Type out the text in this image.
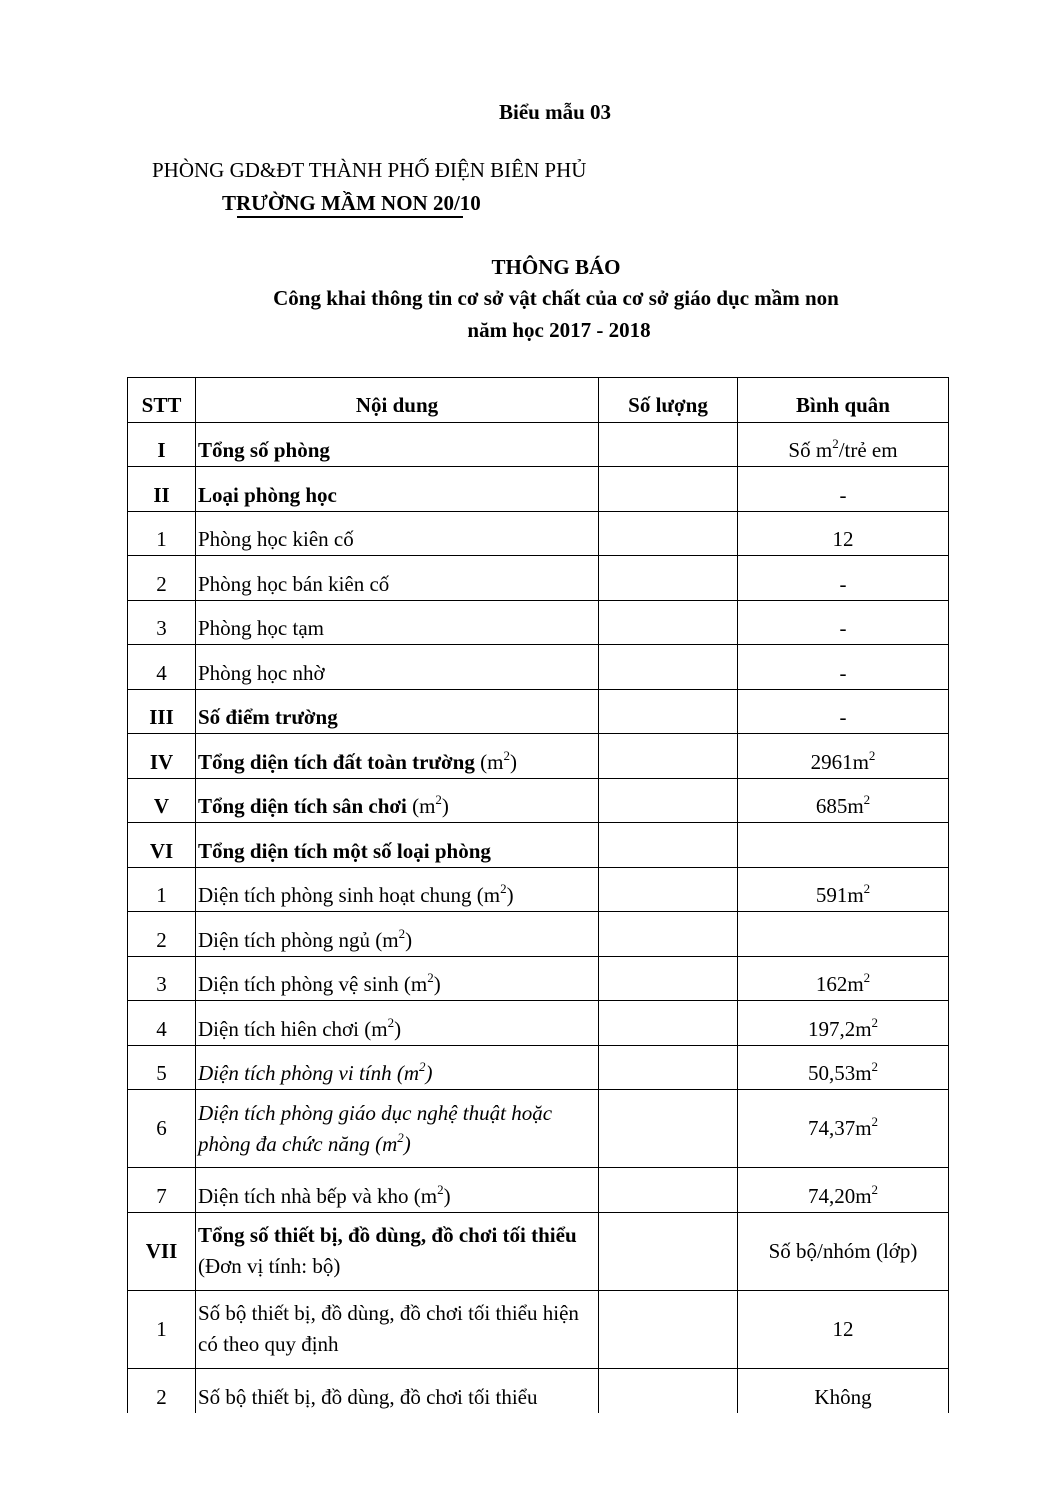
Biểu mẫu 03
PHÒNG GD&ĐT THÀNH PHỐ ĐIỆN BIÊN PHỦ
TRƯỜNG MẦM NON 20/10
THÔNG BÁO
Công khai thông tin cơ sở vật chất của cơ sở giáo dục mầm non
năm học 2017 - 2018
STT	Nội dung	Số lượng	Bình quân
I	Tổng số phòng		Số $m^2$/trẻ em
II	Loại phòng học		-
1	Phòng học kiên cố		12
2	Phòng học bán kiên cố		-
3	Phòng học tạm		-
4	Phòng học nhờ		-
III	Số điểm trường		-
IV	Tổng diện tích đất toàn trường $(m^2)$		$2961m^2$
V	Tổng diện tích sân chơi $(m^2)$		$685m^2$
VI	Tổng diện tích một số loại phòng		
1	Diện tích phòng sinh hoạt chung $(m^2)$		$591m^2$
2	Diện tích phòng ngủ $(m^2)$		
3	Diện tích phòng vệ $\sinh (m^2)$		$162m^2$
4	Diện tích hiên chơi $(m^2)$		$197,2m^2$
5	Diện tích phòng vi tính $(m^2)$		$50,53m^2$
6	Diện tích phòng giáo dục nghệ thuật hoặc phòng đa chức năng $(m^2)$		$74,37m^2$
7	Diện tích nhà bếp và kho $(m^2)$		$74,20m^2$
VII	Tổng số thiết bị, đồ dùng, đồ chơi tối thiểu (Đơn vị tính: bộ)		Số bộ/nhóm (lớp)
1	Số bộ thiết bị, đồ dùng, đồ chơi tối thiểu hiện có theo quy định		12
2	Số bộ thiết bị, đồ dùng, đồ chơi tối thiểu		Không
